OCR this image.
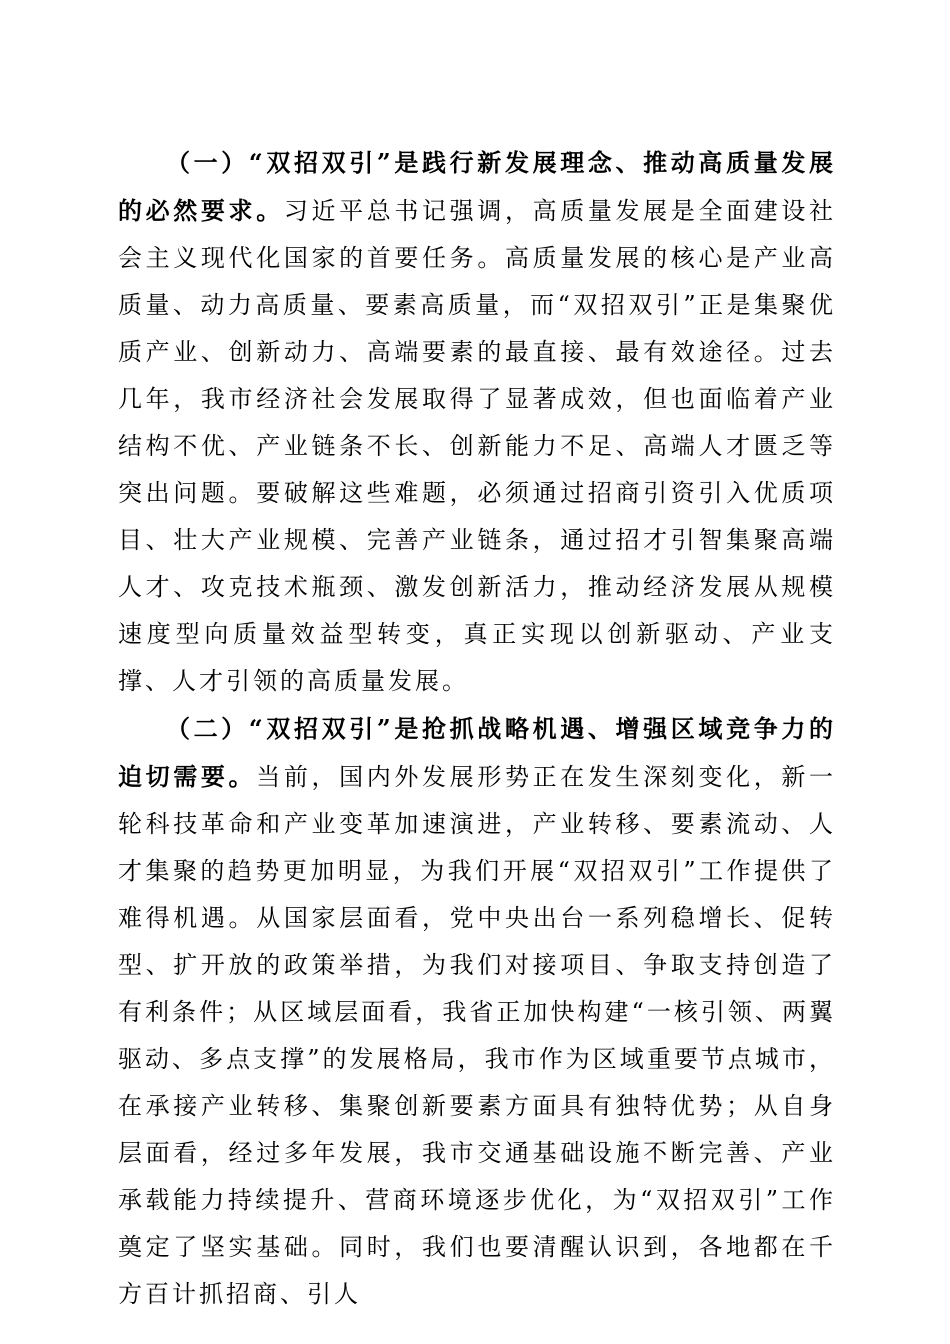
（一）“双招双引”是践行新发展理念、推动高质量发展的必然要求。习近平总书记强调，高质量发展是全面建设社会主义现代化国家的首要任务。高质量发展的核心是产业高质量、动力高质量、要素高质量，而“双招双引”正是集聚优质产业、创新动力、高端要素的最直接、最有效途径。过去几年，我市经济社会发展取得了显著成效，但也面临着产业结构不优、产业链条不长、创新能力不足、高端人才匮乏等突出问题。要破解这些难题，必须通过招商引资引入优质项目、壮大产业规模、完善产业链条，通过招才引智集聚高端人才、攻克技术瓶颈、激发创新活力，推动经济发展从规模速度型向质量效益型转变，真正实现以创新驱动、产业支撑、人才引领的高质量发展。

（二）“双招双引”是抢抓战略机遇、增强区域竞争力的迫切需要。当前，国内外发展形势正在发生深刻变化，新一轮科技革命和产业变革加速演进，产业转移、要素流动、人才集聚的趋势更加明显，为我们开展“双招双引”工作提供了难得机遇。从国家层面看，党中央出台一系列稳增长、促转型、扩开放的政策举措，为我们对接项目、争取支持创造了有利条件；从区域层面看，我省正加快构建“一核引领、两翼驱动、多点支撑”的发展格局，我市作为区域重要节点城市，在承接产业转移、集聚创新要素方面具有独特优势；从自身层面看，经过多年发展，我市交通基础设施不断完善、产业承载能力持续提升、营商环境逐步优化，为“双招双引”工作奠定了坚实基础。同时，我们也要清醒认识到，各地都在千方百计抓招商、引人
